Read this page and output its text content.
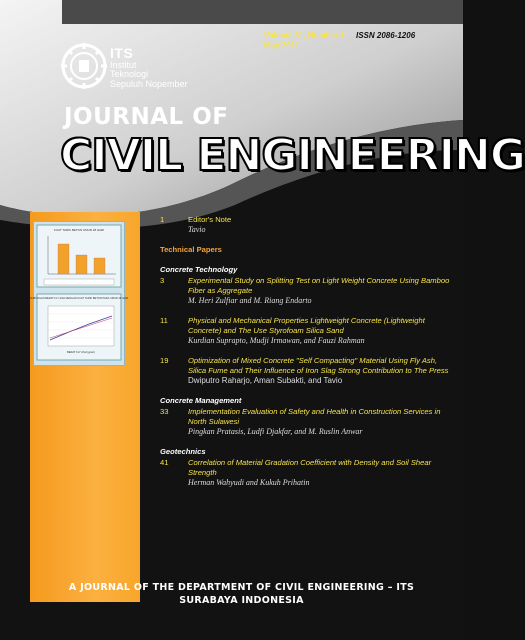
ITS
Institut
Teknologi
Sepuluh Nopember
Volume 31, Number 1
May 2011
ISSN 2086-1206
JOURNAL OF
CIVIL ENGINEERING
KUAT TARIK BETON UMUR 28 HARI
HUBUNGAN BERAT FLY ASH DENGAN KUAT TARIK BETON PADA UMUR 28 HARI
BERAT FLY ASH (gram)
1	Editor's Note
Tavio
Technical Papers
Concrete Technology
3	Experimental Study on Splitting Test on Light Weight Concrete Using Bamboo Fiber as Aggregate
M. Heri Zulfiar and M. Riang Endarto
11	Physical and Mechanical Properties Lightweight Concrete (Lightweight Concrete) and The Use Styrofoam Silica Sand
Kurdian Suprapto, Mudji Irmawan, and Fauzi Rahman
19	Optimization of Mixed Concrete "Self Compacting" Material Using Fly Ash, Silica Fume and Their Influence of Iron Slag Strong Contribution to The Press
Dwiputro Raharjo, Aman Subakti, and Tavio
Concrete Management
33	Implementation Evaluation of Safety and Health in Construction Services in North Sulawesi
Pingkan Pratasis, Ludfi Djakfar, and M. Ruslin Anwar
Geotechnics
41	Correlation of Material Gradation Coefficient with Density and Soil Shear Strength
Herman Wahyudi and Kukuh Prihatin
A JOURNAL OF THE DEPARTMENT OF CIVIL ENGINEERING – ITS
SURABAYA INDONESIA
